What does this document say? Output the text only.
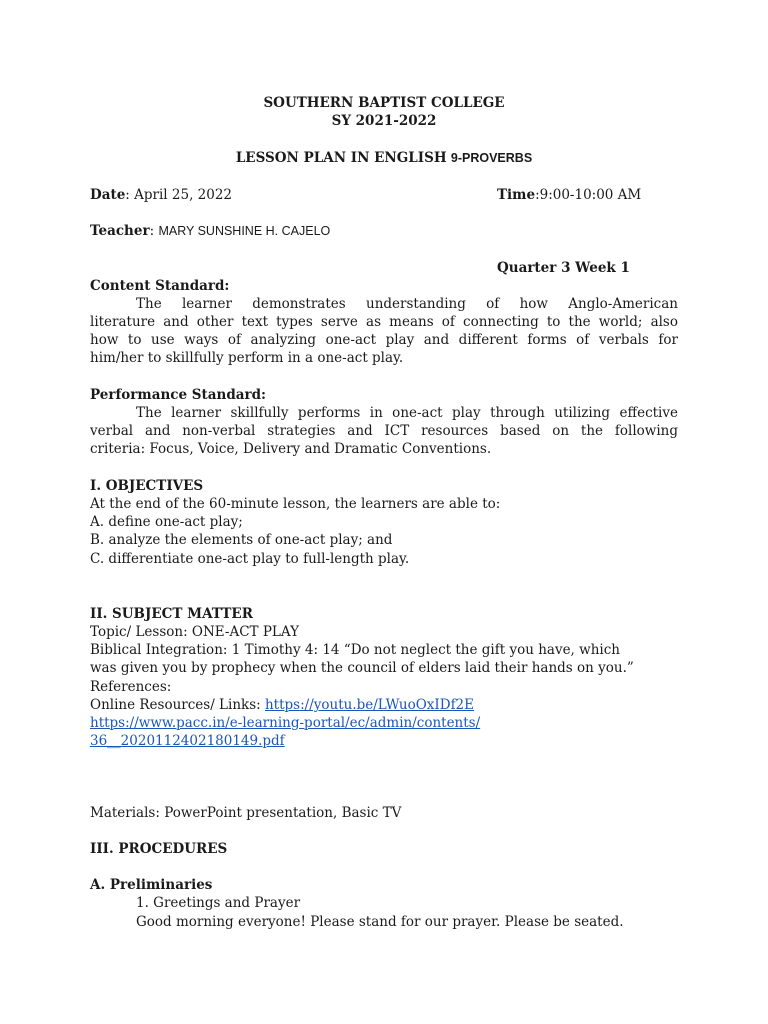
SOUTHERN BAPTIST COLLEGE
SY 2021-2022
LESSON PLAN IN ENGLISH 9-PROVERBS
Date: April 25, 2022	Time:9:00-10:00 AM
Teacher: MARY SUNSHINE H. CAJELO
Quarter 3 Week 1
Content Standard:
The learner demonstrates understanding of how Anglo-American
literature and other text types serve as means of connecting to the world; also
how to use ways of analyzing one-act play and different forms of verbals for
him/her to skillfully perform in a one-act play.
Performance Standard:
The learner skillfully performs in one-act play through utilizing effective
verbal and non-verbal strategies and ICT resources based on the following
criteria: Focus, Voice, Delivery and Dramatic Conventions.
I. OBJECTIVES
At the end of the 60-minute lesson, the learners are able to:
A. define one-act play;
B. analyze the elements of one-act play; and
C. differentiate one-act play to full-length play.
II. SUBJECT MATTER
Topic/ Lesson: ONE-ACT PLAY
Biblical Integration: 1 Timothy 4: 14 “Do not neglect the gift you have, which
was given you by prophecy when the council of elders laid their hands on you.”
References:
Online Resources/ Links: https://youtu.be/LWuoOxIDf2E
https://www.pacc.in/e-learning-portal/ec/admin/contents/
36__2020112402180149.pdf
Materials: PowerPoint presentation, Basic TV
III. PROCEDURES
A. Preliminaries
1. Greetings and Prayer
Good morning everyone! Please stand for our prayer. Please be seated.
